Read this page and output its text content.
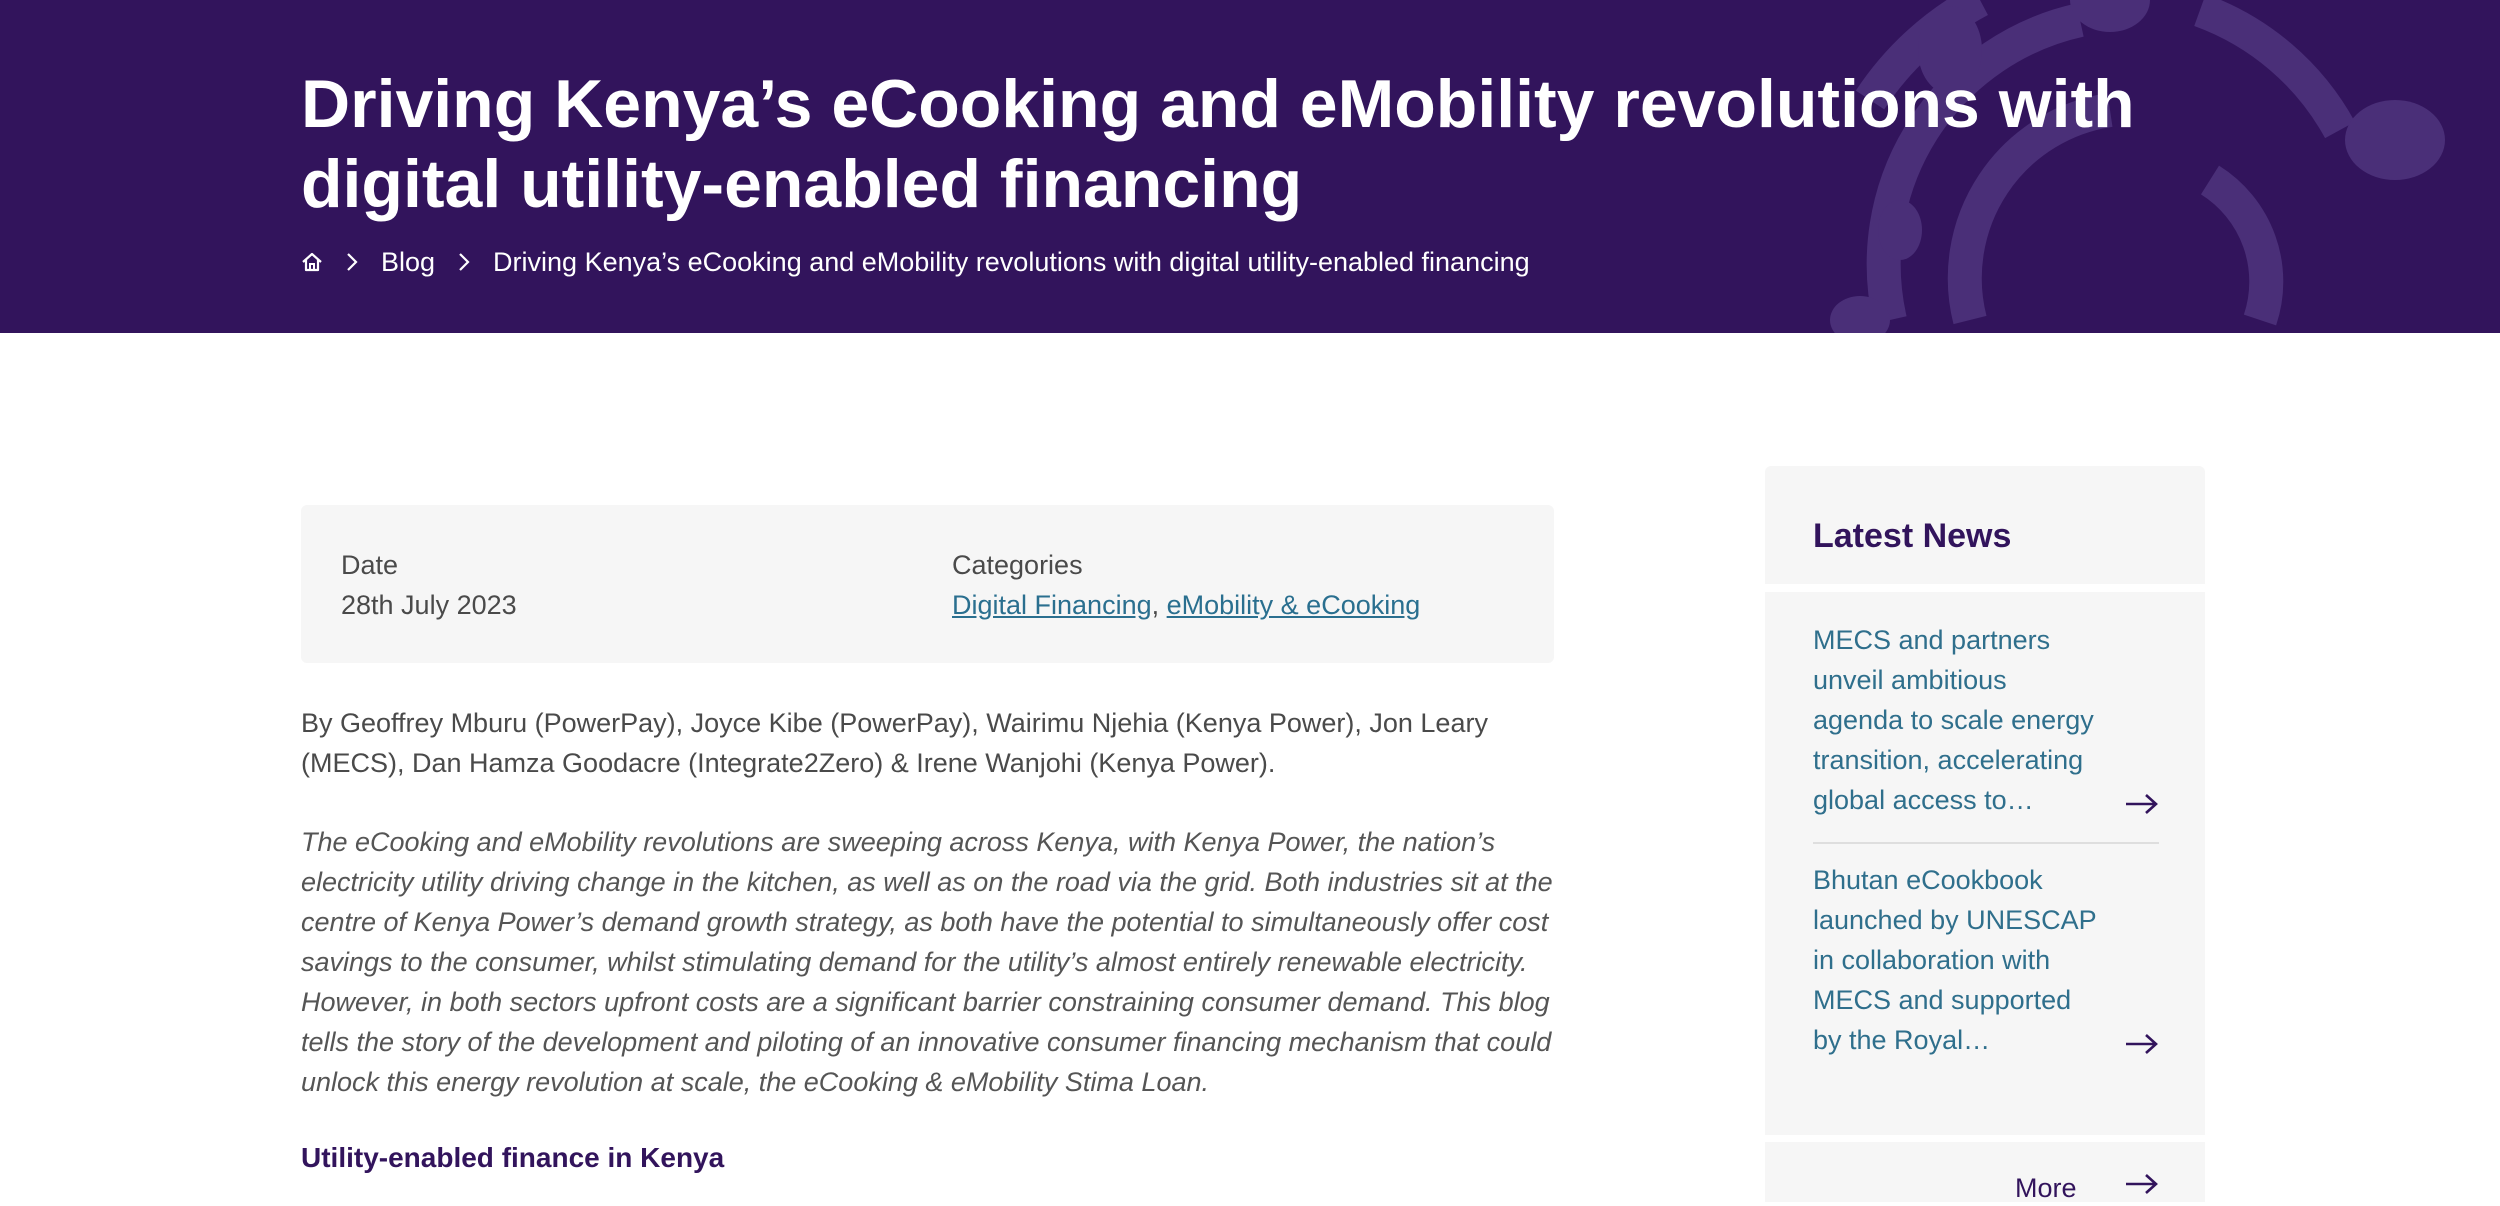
Driving Kenya’s eCooking and eMobility revolutions with digital utility-enabled financing
Blog Driving Kenya’s eCooking and eMobility revolutions with digital utility-enabled financing
Date
28th July 2023
Categories
Digital Financing, eMobility & eCooking

By Geoffrey Mburu (PowerPay), Joyce Kibe (PowerPay), Wairimu Njehia (Kenya Power), Jon Leary (MECS), Dan Hamza Goodacre (Integrate2Zero) & Irene Wanjohi (Kenya Power).

The eCooking and eMobility revolutions are sweeping across Kenya, with Kenya Power, the nation’s electricity utility driving change in the kitchen, as well as on the road via the grid. Both industries sit at the centre of Kenya Power’s demand growth strategy, as both have the potential to simultaneously offer cost savings to the consumer, whilst stimulating demand for the utility’s almost entirely renewable electricity. However, in both sectors upfront costs are a significant barrier constraining consumer demand. This blog tells the story of the development and piloting of an innovative consumer financing mechanism that could unlock this energy revolution at scale, the eCooking & eMobility Stima Loan.

Utility-enabled finance in Kenya
Latest News
MECS and partners unveil ambitious agenda to scale energy transition, accelerating global access to…
Bhutan eCookbook launched by UNESCAP in collaboration with MECS and supported by the Royal…
More
